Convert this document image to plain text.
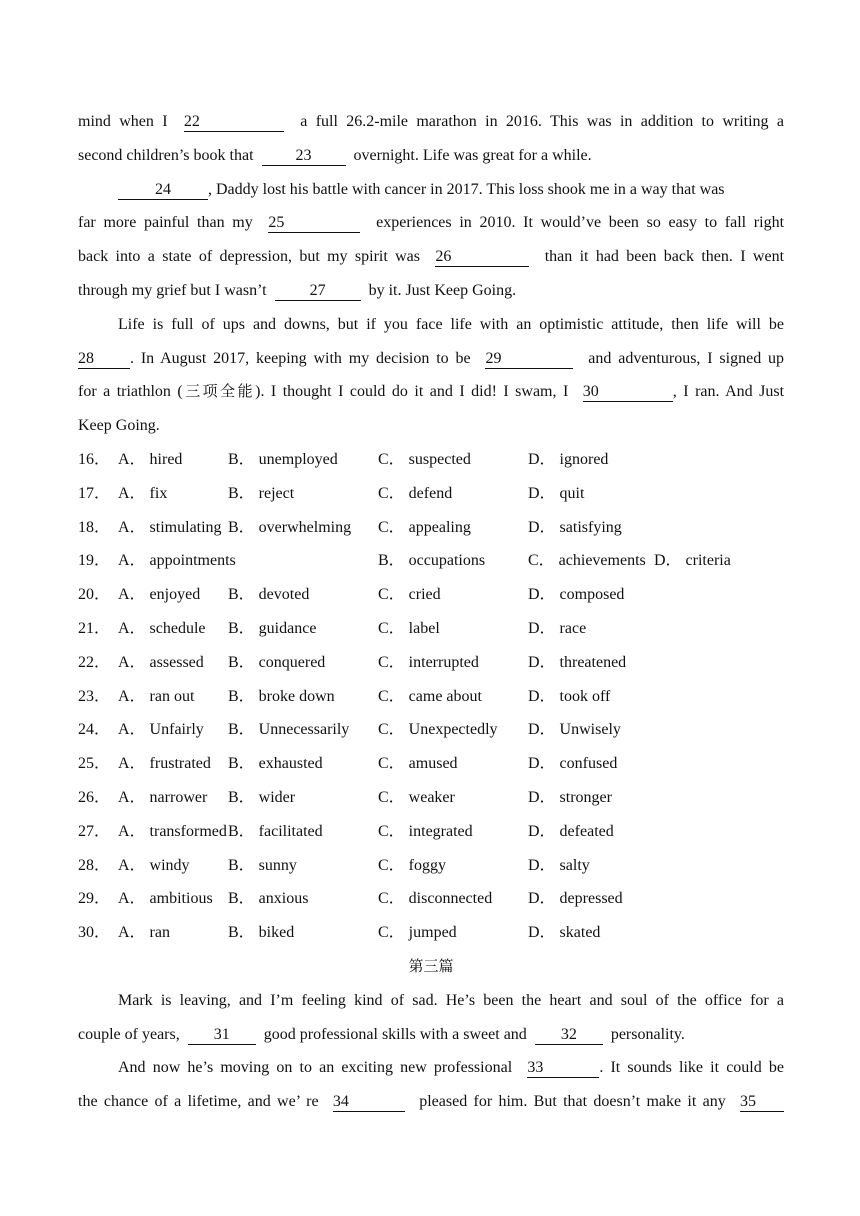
mind when I 22	a full 26.2-mile marathon in 2016. This was in addition to writing a
second children’s book that	23	overnight. Life was great for a while.
24 , Daddy lost his battle with cancer in 2017. This loss shook me in a way that was
far more painful than my 25	experiences in 2010. It would’ve been so easy to fall right
back into a state of depression, but my spirit was 26	than it had been back then. I went
through my grief but I wasn’t	27	by it. Just Keep Going.
Life is full of ups and downs, but if you face life with an optimistic attitude, then life will be
28 . In August 2017, keeping with my decision to be 29	and adventurous, I signed up
for a triathlon (三项全能). I thought I could do it and I did! I swam, I 30	, I ran. And Just
Keep Going.
16． A． hired	B． unemployed	C． suspected	D． ignored
17． A． fix	B． reject	C． defend	D． quit
18． A． stimulating B． overwhelming C． appealing	D． satisfying
19． A． appointments	B． occupations	C． achievements D． criteria
20． A． enjoyed B． devoted	C． cried	D． composed
21． A． schedule B． guidance	C． label	D． race
22． A． assessed B． conquered	C． interrupted	D． threatened
23． A． ran out B． broke down	C． came about	D． took off
24． A． Unfairly B． Unnecessarily C． Unexpectedly D． Unwisely
25． A． frustrated B． exhausted	C． amused	D． confused
26． A． narrower B． wider	C． weaker	D． stronger
27． A． transformed B． facilitated	C． integrated	D． defeated
28． A． windy B． sunny	C． foggy	D． salty
29． A． ambitious B． anxious	C． disconnected D． depressed
30． A． ran	B． biked	C． jumped	D． skated
第三篇
Mark is leaving, and I’m feeling kind of sad. He’s been the heart and soul of the office for a
couple of years, 31 good professional skills with a sweet and 32 personality.
And now he’s moving on to an exciting new professional 33	. It sounds like it could be
the chance of a lifetime, and we’ re 34	pleased for him. But that doesn’t make it any 35
